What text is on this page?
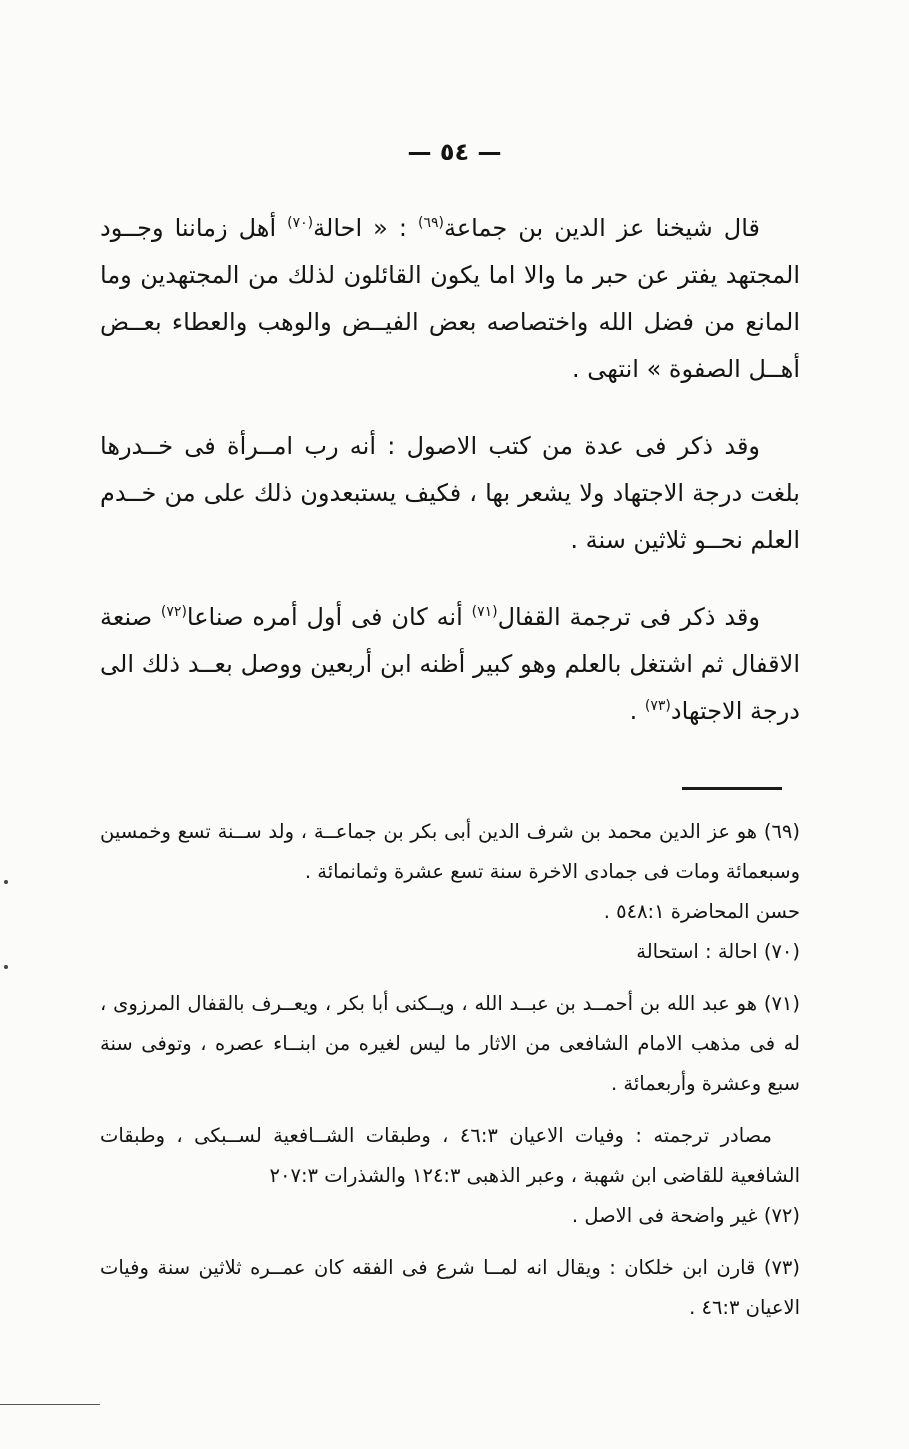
— ٥٤ —

قال شيخنا عز الدين بن جماعة$^{(٦٩)}$ : « احالة$^{(٧٠)}$ أهل زماننا وجــود المجتهد يفتر عن حبر ما والا اما يكون القائلون لذلك من المجتهدين وما المانع من فضل الله واختصاصه بعض الفيــض والوهب والعطاء بعــض أهــل الصفوة » انتهى .

وقد ذكر فى عدة من كتب الاصول : أنه رب امــرأة فى خــدرها بلغت درجة الاجتهاد ولا يشعر بها ، فكيف يستبعدون ذلك على من خــدم العلم نحــو ثلاثين سنة .

وقد ذكر فى ترجمة القفال$^{(٧١)}$ أنه كان فى أول أمره صناعا$^{(٧٢)}$ صنعة الاقفال ثم اشتغل بالعلم وهو كبير أظنه ابن أربعين ووصل بعــد ذلك الى درجة الاجتهاد$^{(٧٣)}$ .

(٦٩) هو عز الدين محمد بن شرف الدين أبى بكر بن جماعــة ، ولد ســنة تسع وخمسين وسبعمائة ومات فى جمادى الاخرة سنة تسع عشرة وثمانمائة .

حسن المحاضرة ٥٤٨:١ .

(٧٠) احالة : استحالة

(٧١) هو عبد الله بن أحمــد بن عبــد الله ، ويــكنى أبا بكر ، ويعــرف بالقفال المرزوى ، له فى مذهب الامام الشافعى من الاثار ما ليس لغيره من ابنــاء عصره ، وتوفى سنة سبع وعشرة وأربعمائة .

مصادر ترجمته : وفيات الاعيان ٤٦:٣ ، وطبقات الشــافعية لســبكى ، وطبقات الشافعية للقاضى ابن شهبة ، وعبر الذهبى ١٢٤:٣ والشذرات ٢٠٧:٣

(٧٢) غير واضحة فى الاصل .

(٧٣) قارن ابن خلكان : ويقال انه لمــا شرع فى الفقه كان عمــره ثلاثين سنة وفيات الاعيان ٤٦:٣ .
